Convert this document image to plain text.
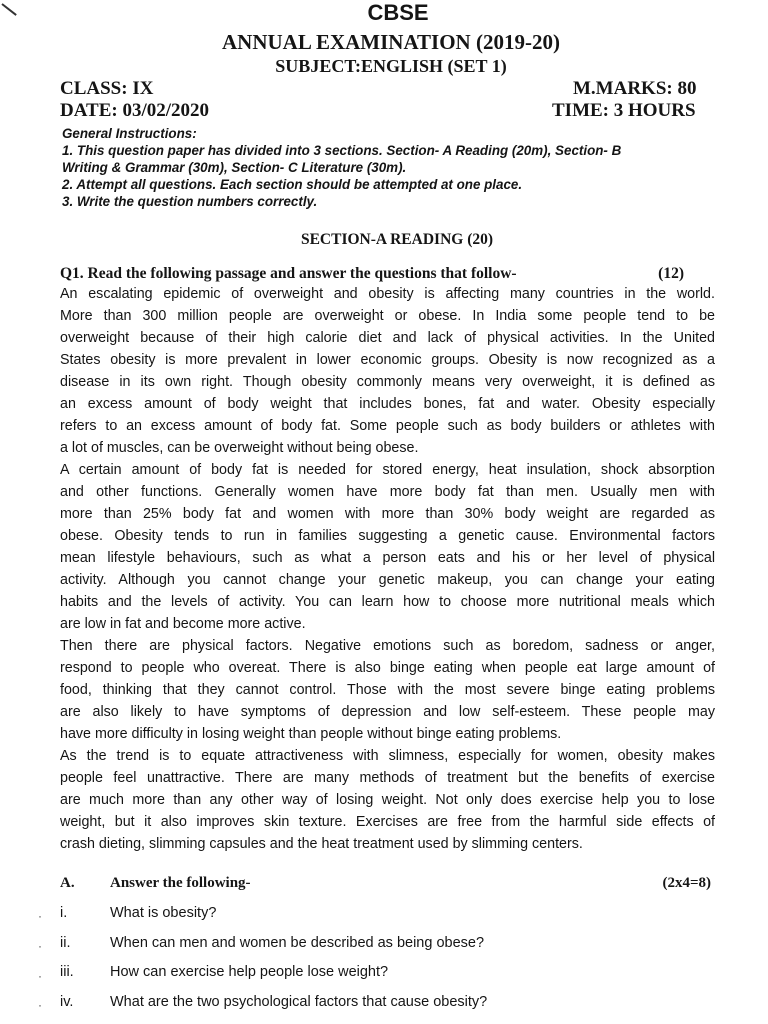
CBSE
ANNUAL EXAMINATION (2019-20)
SUBJECT:ENGLISH (SET 1)
CLASS: IX
DATE: 03/02/2020
M.MARKS: 80
TIME: 3 HOURS
General Instructions:
1. This question paper has divided into 3 sections. Section- A Reading (20m), Section- B
Writing & Grammar (30m), Section- C Literature (30m).
2. Attempt all questions. Each section should be attempted at one place.
3. Write the question numbers correctly.
SECTION-A READING (20)
Q1. Read the following passage and answer the questions that follow-	(12)
An escalating epidemic of overweight and obesity is affecting many countries in the world.
More than 300 million people are overweight or obese. In India some people tend to be
overweight because of their high calorie diet and lack of physical activities. In the United
States obesity is more prevalent in lower economic groups. Obesity is now recognized as a
disease in its own right. Though obesity commonly means very overweight, it is defined as
an excess amount of body weight that includes bones, fat and water. Obesity especially
refers to an excess amount of body fat. Some people such as body builders or athletes with
a lot of muscles, can be overweight without being obese.
A certain amount of body fat is needed for stored energy, heat insulation, shock absorption
and other functions. Generally women have more body fat than men. Usually men with
more than 25% body fat and women with more than 30% body weight are regarded as
obese. Obesity tends to run in families suggesting a genetic cause. Environmental factors
mean lifestyle behaviours, such as what a person eats and his or her level of physical
activity. Although you cannot change your genetic makeup, you can change your eating
habits and the levels of activity. You can learn how to choose more nutritional meals which
are low in fat and become more active.
Then there are physical factors. Negative emotions such as boredom, sadness or anger,
respond to people who overeat. There is also binge eating when people eat large amount of
food, thinking that they cannot control. Those with the most severe binge eating problems
are also likely to have symptoms of depression and low self-esteem. These people may
have more difficulty in losing weight than people without binge eating problems.
As the trend is to equate attractiveness with slimness, especially for women, obesity makes
people feel unattractive. There are many methods of treatment but the benefits of exercise
are much more than any other way of losing weight. Not only does exercise help you to lose
weight, but it also improves skin texture. Exercises are free from the harmful side effects of
crash dieting, slimming capsules and the heat treatment used by slimming centers.
A. Answer the following-	(2x4=8)
· i.	What is obesity?
· ii.	When can men and women be described as being obese?
· iii.	How can exercise help people lose weight?
· iv.	What are the two psychological factors that cause obesity?
